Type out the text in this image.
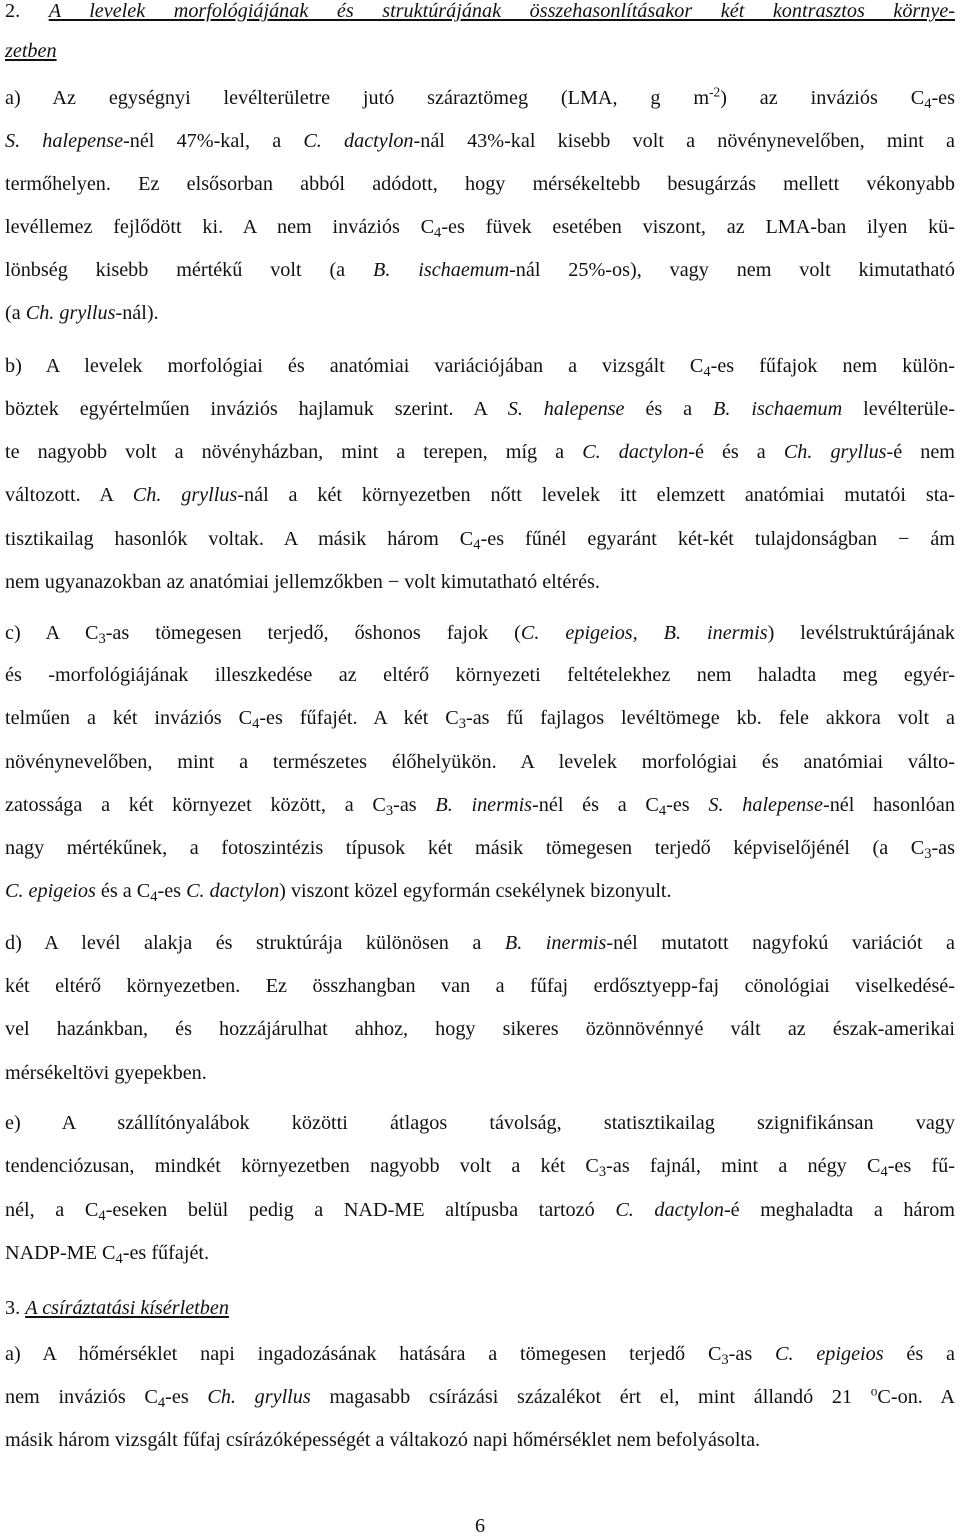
2. A levelek morfológiájának és struktúrájának összehasonlításakor két kontrasztos környe-
zetben
a) Az egységnyi levélterületre jutó száraztömeg (LMA, g $m^{-2}$) az inváziós $C_4-es$
S. halepense-nél 47%-kal, a C. dactylon-nál 43%-kal kisebb volt a növénynevelőben, mint a
termőhelyen. Ez elsősorban abból adódott, hogy mérsékeltebb besugárzás mellett vékonyabb
levéllemez fejlődött ki. A nem inváziós $C_4-es$ füvek esetében viszont, az LMA-ban ilyen kü-
lönbség kisebb mértékű volt (a B. ischaemum-nál 25%-os), vagy nem volt kimutatható
(a Ch. gryllus-nál).
b) A levelek morfológiai és anatómiai variációjában a vizsgált $C_4-es$ fűfajok nem külön-
böztek egyértelműen inváziós hajlamuk szerint. A S. halepense és a B. ischaemum levélterüle-
te nagyobb volt a növényházban, mint a terepen, míg a C. dactylon-é és a Ch. gryllus-é nem
változott. A Ch. gryllus-nál a két környezetben nőtt levelek itt elemzett anatómiai mutatói sta-
tisztikailag hasonlók voltak. A másik három $C_4-es$ fűnél egyaránt két-két tulajdonságban − ám
nem ugyanazokban az anatómiai jellemzőkben − volt kimutatható eltérés.
c) A $C_3-as$ tömegesen terjedő, őshonos fajok (C. epigeios, B. inermis) levélstruktúrájának
és -morfológiájának illeszkedése az eltérő környezeti feltételekhez nem haladta meg egyér-
telműen a két inváziós $C_4-es$ fűfajét. A két $C_3-as$ fű fajlagos levéltömege kb. fele akkora volt a
növénynevelőben, mint a természetes élőhelyükön. A levelek morfológiai és anatómiai válto-
zatossága a két környezet között, a $C_3-as$ B. inermis-nél és a $C_4-es$ S. halepense-nél hasonlóan
nagy mértékűnek, a fotoszintézis típusok két másik tömegesen terjedő képviselőjénél (a $C_3-as$
C. epigeios és a $C_4-es$ C. dactylon) viszont közel egyformán csekélynek bizonyult.
d) A levél alakja és struktúrája különösen a B. inermis-nél mutatott nagyfokú variációt a
két eltérő környezetben. Ez összhangban van a fűfaj erdősztyepp-faj cönológiai viselkedésé-
vel hazánkban, és hozzájárulhat ahhoz, hogy sikeres özönnövénnyé vált az észak-amerikai
mérsékeltövi gyepekben.
e) A szállítónyalábok közötti átlagos távolság, statisztikailag szignifikánsan vagy
tendenciózusan, mindkét környezetben nagyobb volt a két $C_3-as$ fajnál, mint a négy $C_4-es$ fű-
nél, a $C_4$-eseken belül pedig a NAD-ME altípusba tartozó C. dactylon-é meghaladta a három
NADP-ME $C_4-es$ fűfajét.
a) A hőmérséklet napi ingadozásának hatására a tömegesen terjedő $C_3-as$ C. epigeios és a
nem inváziós $C_4-es$ Ch. gryllus magasabb csírázási százalékot ért el, mint állandó 21 $^o$C-on. A
másik három vizsgált fűfaj csírázóképességét a váltakozó napi hőmérséklet nem befolyásolta.
3. A csíráztatási kísérletben
6
